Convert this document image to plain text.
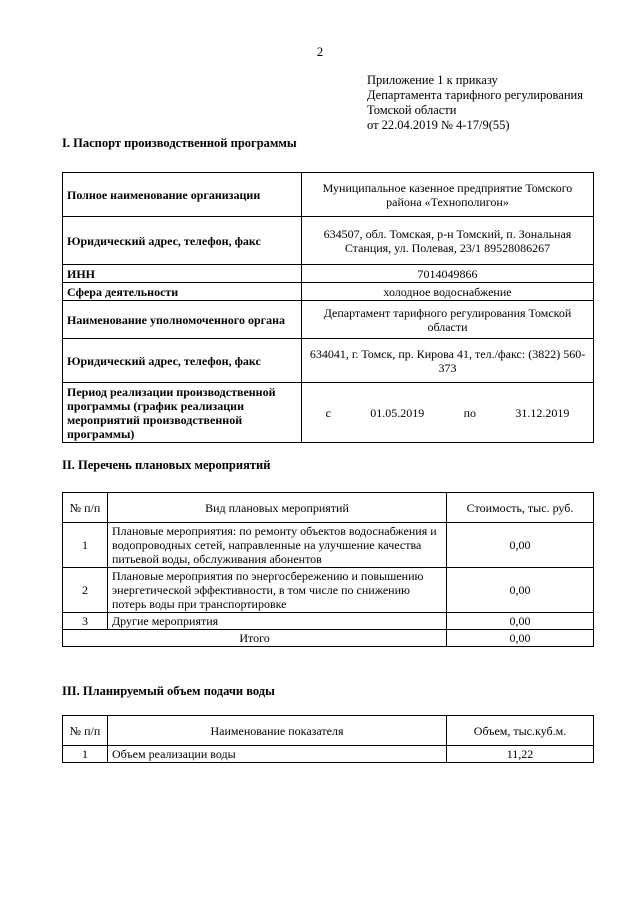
2
Приложение 1 к приказу
Департамента тарифного регулирования
Томской области
от 22.04.2019 № 4-17/9(55)
I. Паспорт производственной программы
Полное наименование организации	Муниципальное казенное предприятие Томского района «Технополигон»
Юридический адрес, телефон, факс	634507, обл. Томская, р-н Томский, п. Зональная Станция, ул. Полевая, 23/1 89528086267
ИНН	7014049866
Сфера деятельности	холодное водоснабжение
Наименование уполномоченного органа	Департамент тарифного регулирования Томской области
Юридический адрес, телефон, факс	634041, г. Томск, пр. Кирова 41, тел./факс: (3822) 560-373
Период реализации производственной программы (график реализации мероприятий производственной программы)	с 01.05.2019 по 31.12.2019
II. Перечень плановых мероприятий
№ п/п	Вид плановых мероприятий	Стоимость, тыс. руб.
1	Плановые мероприятия: по ремонту объектов водоснабжения и водопроводных сетей, направленные на улучшение качества питьевой воды, обслуживания абонентов	0,00
2	Плановые мероприятия по энергосбережению и повышению энергетической эффективности, в том числе по снижению потерь воды при транспортировке	0,00
3	Другие мероприятия	0,00
Итого		0,00
III. Планируемый объем подачи воды
№ п/п	Наименование показателя	Объем, тыс.куб.м.
1	Объем реализации воды	11,22
